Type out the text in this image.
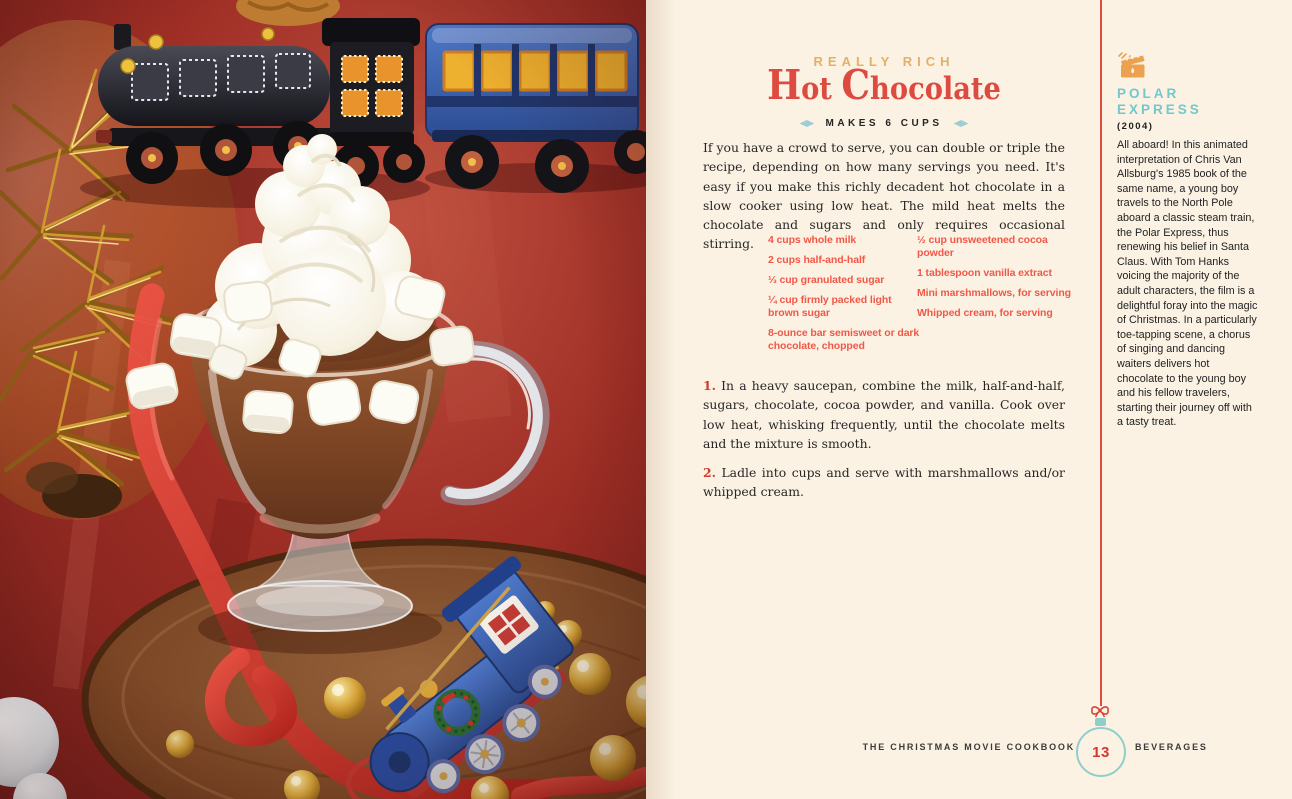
REALLY RICH
Hot Chocolate
MAKES 6 CUPS

If you have a crowd to serve, you can double or triple the recipe, depending on how many servings you need. It's easy if you make this richly decadent hot chocolate in a slow cooker using low heat. The mild heat melts the chocolate and sugars and only requires occasional stirring.	4 cups whole milk
2 cups half-and-half
⅓ cup granulated sugar
¼ cup firmly packed light brown sugar
8-ounce bar semisweet or dark chocolate, chopped
½ cup unsweetened cocoa powder
1 tablespoon vanilla extract
Mini marshmallows, for serving
Whipped cream, for serving

1. In a heavy saucepan, combine the milk, half-and-half, sugars, chocolate, cocoa powder, and vanilla. Cook over low heat, whisking frequently, until the chocolate melts and the mixture is smooth.

2. Ladle into cups and serve with marshmallows and/or whipped cream.

POLAR
EXPRESS
(2004)

All aboard! In this animated interpretation of Chris Van Allsburg's 1985 book of the same name, a young boy travels to the North Pole aboard a classic steam train, the Polar Express, thus renewing his belief in Santa Claus. With Tom Hanks voicing the majority of the adult characters, the film is a delightful foray into the magic of Christmas. In a particularly toe-tapping scene, a chorus of singing and dancing waiters delivers hot chocolate to the young boy and his fellow travelers, starting their journey off with a tasty treat.

THE CHRISTMAS MOVIE COOKBOOK 13	BEVERAGES
